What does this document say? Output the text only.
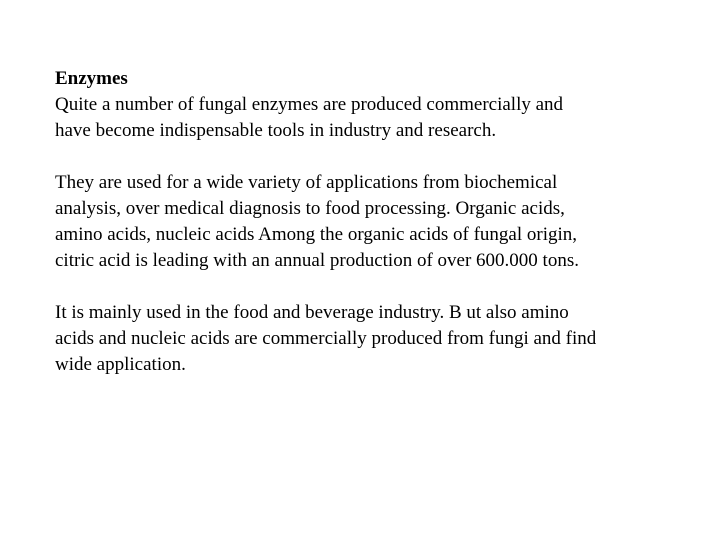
Enzymes

Quite a number of fungal enzymes are produced commercially and
have become indispensable tools in industry and research.

They are used for a wide variety of applications from biochemical
analysis, over medical diagnosis to food processing. Organic acids,
amino acids, nucleic acids Among the organic acids of fungal origin,
citric acid is leading with an annual production of over 600.000 tons.

It is mainly used in the food and beverage industry. B ut also amino
acids and nucleic acids are commercially produced from fungi and find
wide application.
